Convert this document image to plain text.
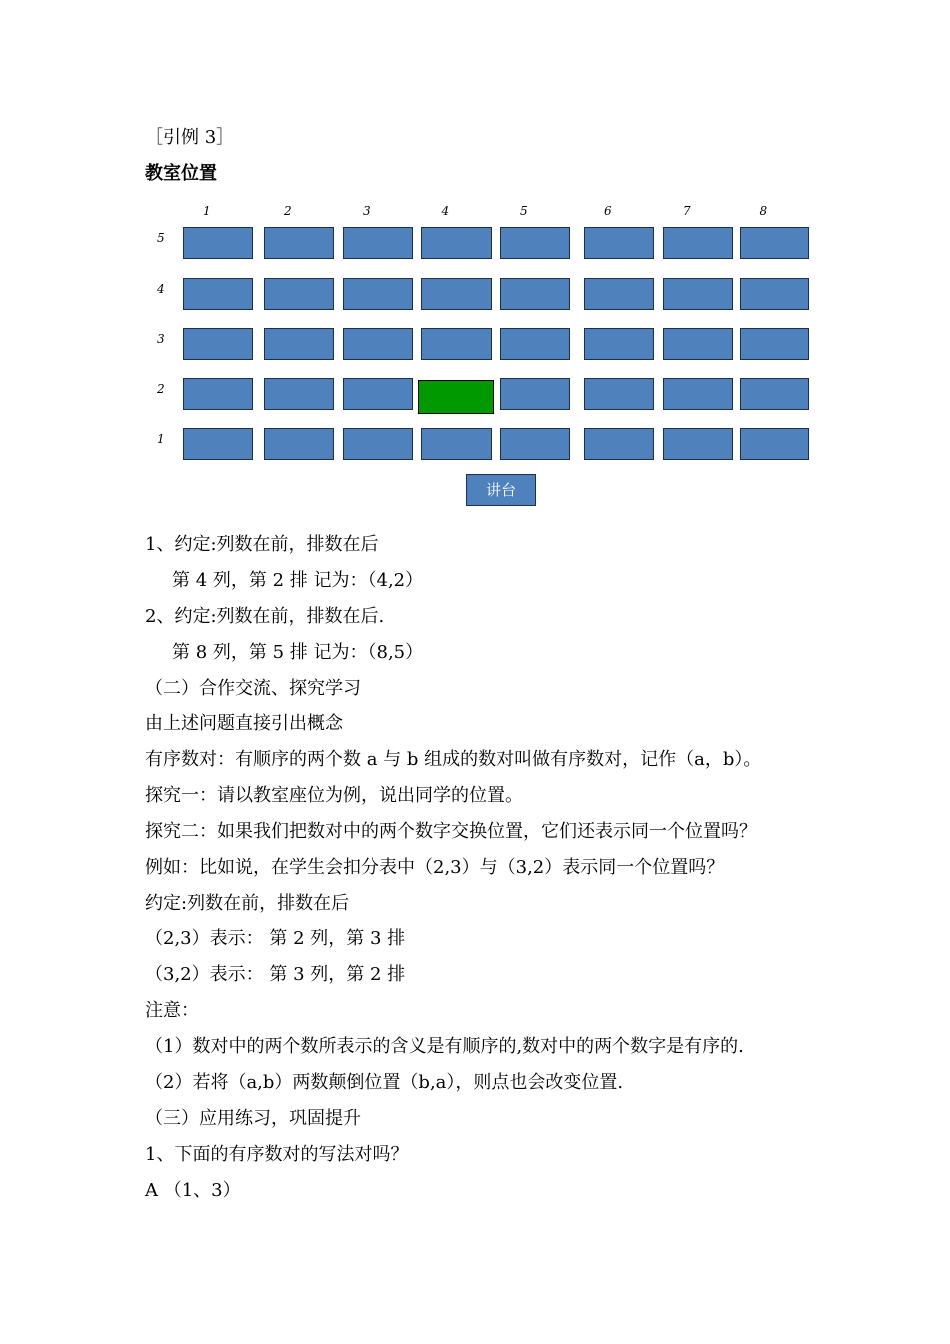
［引例 3］
教室位置
讲台
1	2	3	4	5	6	7	8
5
4
3
2
1
1、约定:列数在前，排数在后
第 4 列，第 2 排 记为：（4,2）
2、约定:列数在前，排数在后.
第 8 列，第 5 排 记为：（8,5）
（二）合作交流、探究学习
由上述问题直接引出概念
有序数对：有顺序的两个数 a 与 b 组成的数对叫做有序数对，记作（a，b）。
探究一：请以教室座位为例，说出同学的位置。
探究二：如果我们把数对中的两个数字交换位置，它们还表示同一个位置吗？
例如：比如说，在学生会扣分表中（2,3）与（3,2）表示同一个位置吗？
约定:列数在前，排数在后
（2,3）表示： 第 2 列，第 3 排
（3,2）表示： 第 3 列，第 2 排
注意：
（1）数对中的两个数所表示的含义是有顺序的,数对中的两个数字是有序的.
（2）若将（a,b）两数颠倒位置（b,a），则点也会改变位置.
（三）应用练习，巩固提升
1、下面的有序数对的写法对吗？
A （1、3）
